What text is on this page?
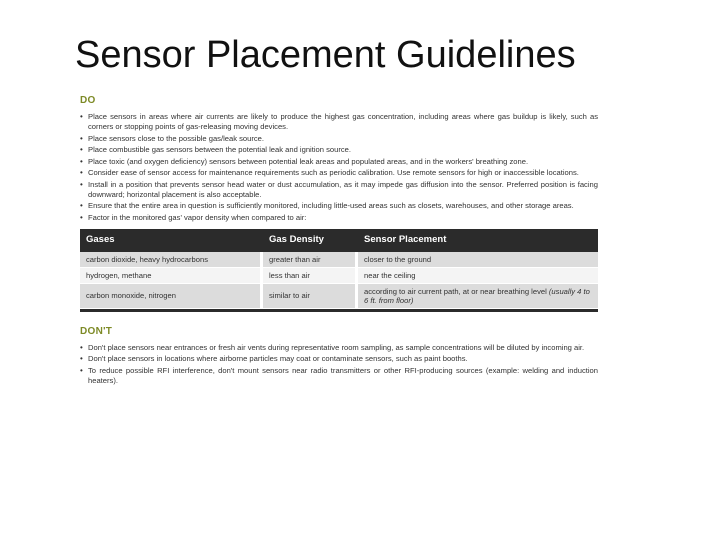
Sensor Placement Guidelines
DO
• Place sensors in areas where air currents are likely to produce the highest gas concentration, including areas where gas buildup is likely, such as corners or stopping points of gas-releasing moving devices.
• Place sensors close to the possible gas/leak source.
• Place combustible gas sensors between the potential leak and ignition source.
• Place toxic (and oxygen deficiency) sensors between potential leak areas and populated areas, and in the workers' breathing zone.
• Consider ease of sensor access for maintenance requirements such as periodic calibration. Use remote sensors for high or inaccessible locations.
• Install in a position that prevents sensor head water or dust accumulation, as it may impede gas diffusion into the sensor. Preferred position is facing downward; horizontal placement is also acceptable.
• Ensure that the entire area in question is sufficiently monitored, including little-used areas such as closets, warehouses, and other storage areas.
• Factor in the monitored gas' vapor density when compared to air:
Gases	Gas Density	Sensor Placement
carbon dioxide, heavy hydrocarbons	greater than air	closer to the ground
hydrogen, methane	less than air	near the ceiling
carbon monoxide, nitrogen	similar to air	according to air current path, at or near breathing level (usually 4 to 6 ft. from floor)
DON'T
• Don't place sensors near entrances or fresh air vents during representative room sampling, as sample concentrations will be diluted by incoming air.
• Don't place sensors in locations where airborne particles may coat or contaminate sensors, such as paint booths.
• To reduce possible RFI interference, don't mount sensors near radio transmitters or other RFI-producing sources (example: welding and induction heaters).
